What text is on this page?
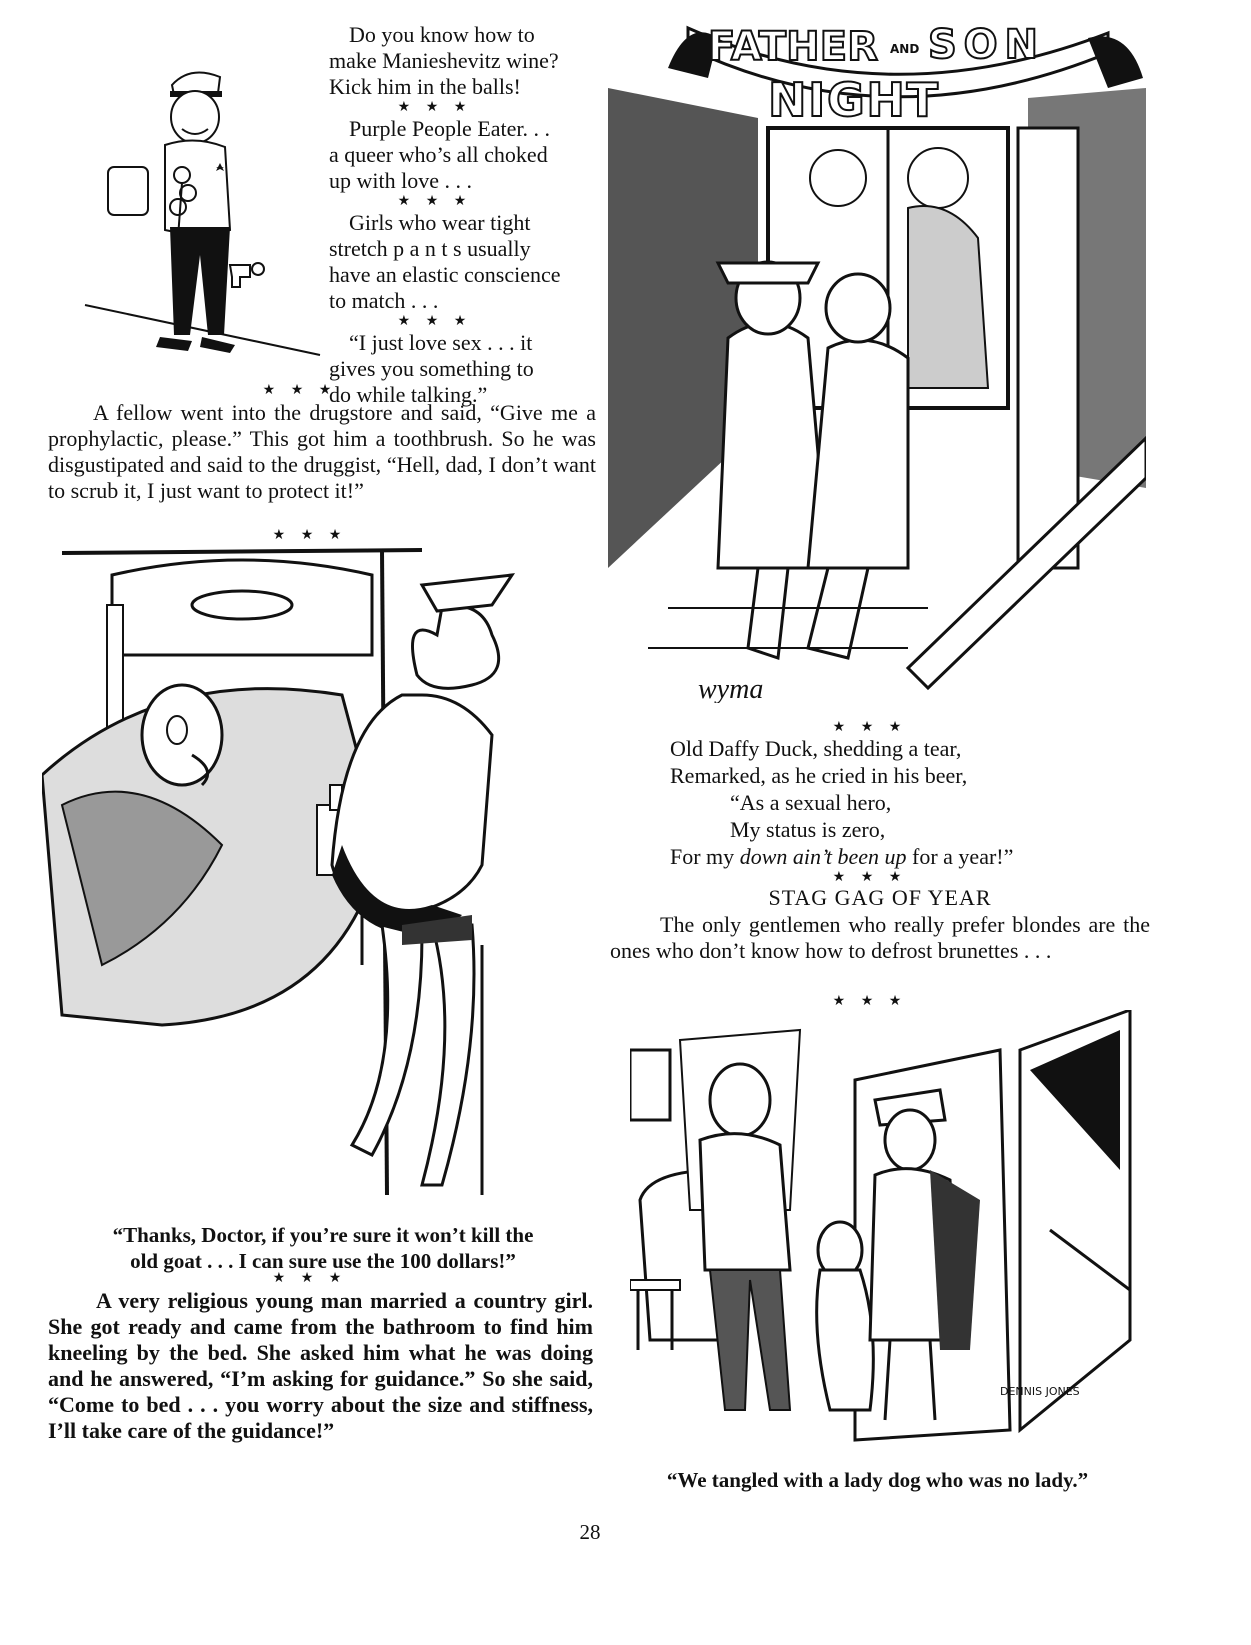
Do you know how to
make Manieshevitz wine?
Kick him in the balls!
★ ★ ★
Purple People Eater. . .
a queer who’s all choked
up with love . . .
★ ★ ★
Girls who wear tight
stretch p a n t s usually
have an elastic conscience
to match . . .
★ ★ ★
“I just love sex . . . it
gives you something to
do while talking.”
★ ★ ★
A fellow went into the drugstore and said, “Give me a prophylactic, please.” This got him a toothbrush. So he was disgustipated and said to the druggist, “Hell, dad, I don’t want to scrub it, I just want to protect it!”
★ ★ ★
“Thanks, Doctor, if you’re sure it won’t kill the
old goat . . . I can sure use the 100 dollars!”
★ ★ ★
A very religious young man married a country girl. She got ready and came from the bathroom to find him kneeling by the bed. She asked him what he was doing and he answered, “I’m asking for guidance.” So she said, “Come to bed . . . you worry about the size and stiffness, I’ll take care of the guidance!”
FATHER AND SON
NIGHT
wyma
★ ★ ★

Old Daffy Duck, shedding a tear,

Remarked, as he cried in his beer,

“As a sexual hero,

My status is zero,

For my down ain’t been up for a year!”

★ ★ ★
STAG GAG OF YEAR
The only gentlemen who really prefer blondes are the ones who don’t know how to defrost brunettes . . .
★ ★ ★
DENNIS JONES
“We tangled with a lady dog who was no lady.”
28
